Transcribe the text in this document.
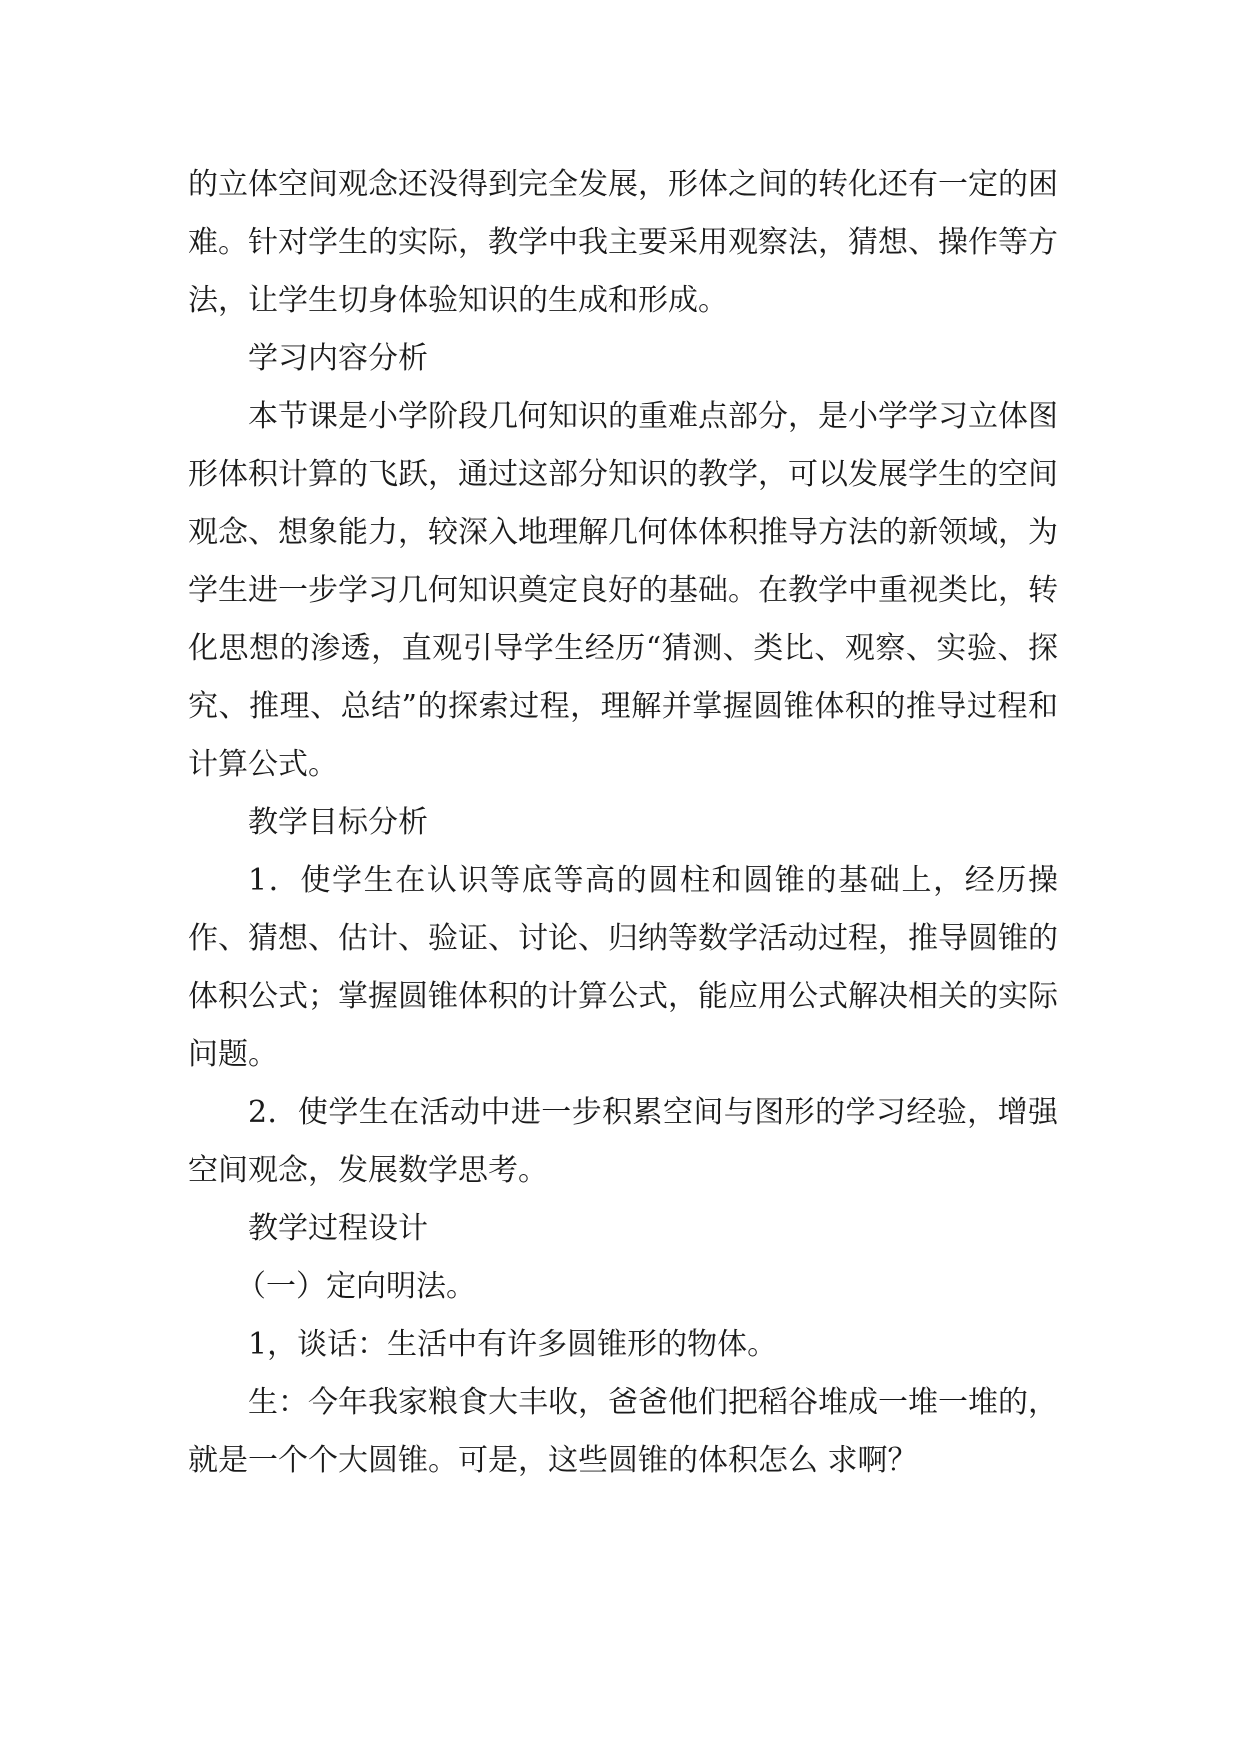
的立体空间观念还没得到完全发展，形体之间的转化还有一定的困难。针对学生的实际，教学中我主要采用观察法，猜想、操作等方法，让学生切身体验知识的生成和形成。

学习内容分析

本节课是小学阶段几何知识的重难点部分，是小学学习立体图形体积计算的飞跃，通过这部分知识的教学，可以发展学生的空间观念、想象能力，较深入地理解几何体体积推导方法的新领域，为学生进一步学习几何知识奠定良好的基础。在教学中重视类比，转化思想的渗透，直观引导学生经历“猜测、类比、观察、实验、探究、推理、总结”的探索过程，理解并掌握圆锥体积的推导过程和计算公式。

教学目标分析

1．使学生在认识等底等高的圆柱和圆锥的基础上，经历操作、猜想、估计、验证、讨论、归纳等数学活动过程，推导圆锥的体积公式；掌握圆锥体积的计算公式，能应用公式解决相关的实际问题。

2．使学生在活动中进一步积累空间与图形的学习经验，增强空间观念，发展数学思考。

教学过程设计

（一）定向明法。

1，谈话：生活中有许多圆锥形的物体。

生：今年我家粮食大丰收，爸爸他们把稻谷堆成一堆一堆的，就是一个个大圆锥。可是，这些圆锥的体积怎么 求啊？
